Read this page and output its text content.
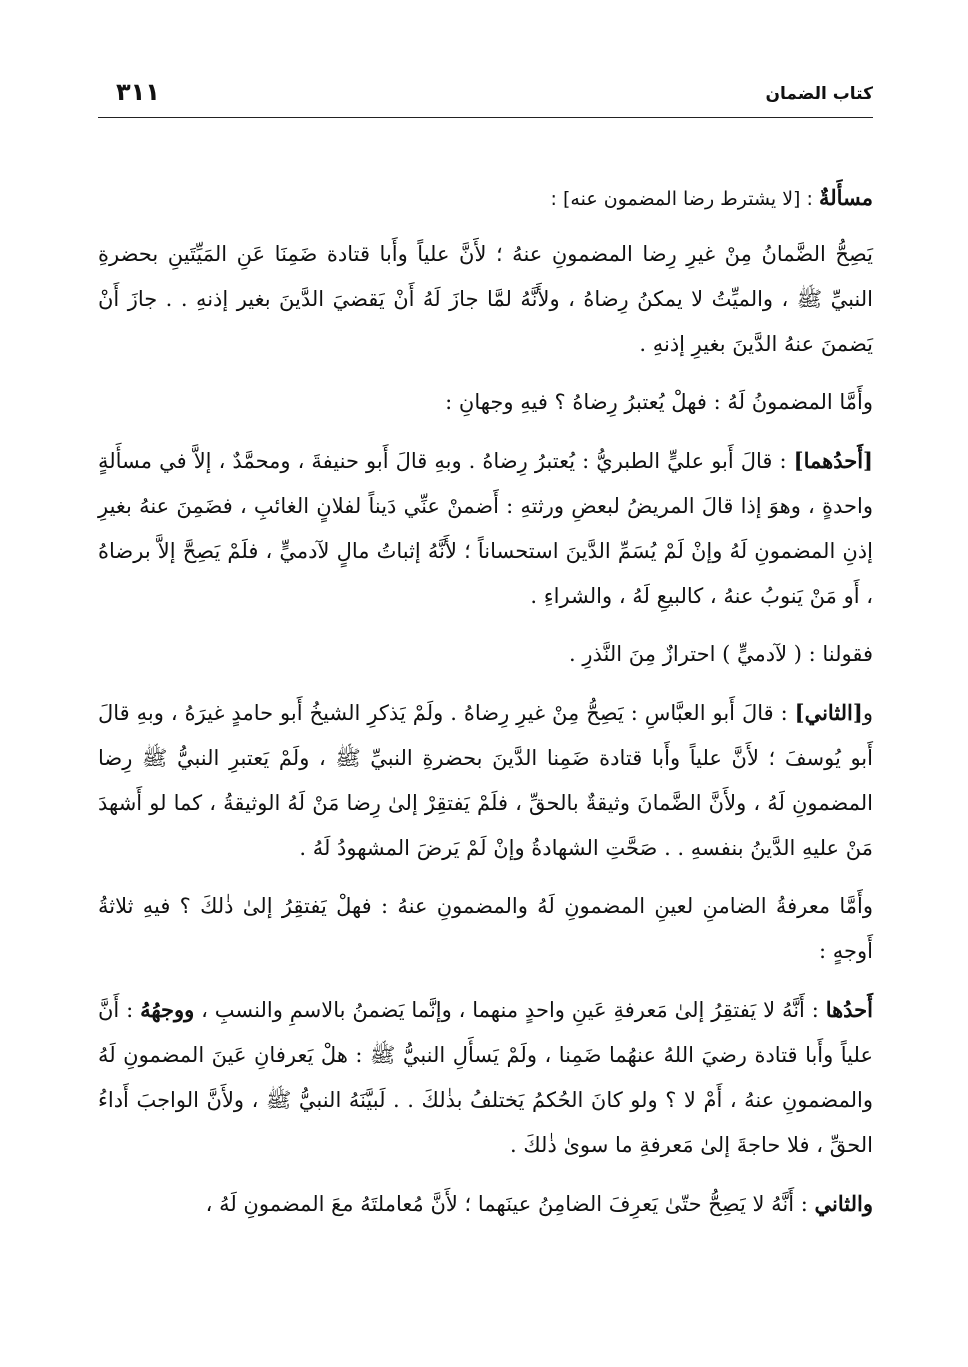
٣١١	كتاب الضمان

مسأَلةٌ : [لا يشترط رضا المضمون عنه] :

يَصِحُّ الضَّمانُ مِنْ غيرِ رِضا المضمونِ عنهُ ؛ لأَنَّ علياً وأَبا قتادة ضَمِنَا عَنِ المَيِّتَينِ بحضرةِ النبيِّ ﷺ ، والميِّتُ لا يمكنُ رِضاهُ ، ولأَنَّهُ لمَّا جازَ لَهُ أَنْ يَقضيَ الدَّينَ بغير إذنهِ . . جازَ أَنْ يَضمنَ عنهُ الدَّينَ بغيرِ إذنهِ .

وأَمَّا المضمونُ لَهُ : فهلْ يُعتبرُ رِضاهُ ؟ فيهِ وجهانِ :

[أَحدُهما] : قالَ أَبو عليٍّ الطبريُّ : يُعتبرُ رِضاهُ . وبهِ قالَ أَبو حنيفةَ ، ومحمَّدٌ ، إلاَّ في مسأَلةٍ واحدةٍ ، وهوَ إذا قالَ المريضُ لبعضِ ورثتهِ : أَضمنْ عنِّي دَيناً لفلانٍ الغائبِ ، فضَمِنَ عنهُ بغيرِ إذنِ المضمونِ لَهُ وإنْ لَمْ يُسَمِّ الدَّينَ استحساناً ؛ لأَنَّهُ إثباتُ مالٍ لآدميٍّ ، فلَمْ يَصِحَّ إلاَّ برضاهُ ، أَو مَنْ يَنوبُ عنهُ ، كالبيعِ لَهُ ، والشراءِ .

فقولنا : ( لآدميٍّ ) احترازٌ مِنَ النَّذرِ .

و[الثاني] : قالَ أَبو العبَّاسِ : يَصِحُّ مِنْ غيرِ رِضاهُ . ولَمْ يَذكرِ الشيخُ أَبو حامدٍ غيرَهُ ، وبهِ قالَ أَبو يُوسفَ ؛ لأَنَّ علياً وأَبا قتادة ضَمِنا الدَّينَ بحضرةِ النبيِّ ﷺ ، ولَمْ يَعتبرِ النبيُّ ﷺ رِضا المضمونِ لَهُ ، ولأَنَّ الضَّمانَ وثيقةٌ بالحقِّ ، فلَمْ يَفتقِرْ إلىٰ رِضا مَنْ لَهُ الوثيقةُ ، كما لو أَشهدَ مَنْ عليهِ الدَّينُ بنفسهِ . . صَحَّتِ الشهادةُ وإنْ لَمْ يَرضَ المشهودُ لَهُ .

وأَمَّا معرفةُ الضامنِ لعينِ المضمونِ لَهُ والمضمونِ عنهُ : فهلْ يَفتقِرُ إلىٰ ذٰلكَ ؟ فيهِ ثلاثةُ أَوجهٍ :

أَحدُها : أَنَّهُ لا يَفتقِرُ إلىٰ مَعرفةِ عَينِ واحدٍ منهما ، وإنَّما يَضمنُ بالاسمِ والنسبِ ، ووجهُهُ : أَنَّ علياً وأَبا قتادة رضيَ اللهُ عنهُما ضَمِنا ، ولَمْ يَسأَلِ النبيُّ ﷺ : هلْ يَعرفانِ عَينَ المضمونِ لَهُ والمضمونِ عنهُ ، أَمْ لا ؟ ولو كانَ الحُكمُ يَختلفُ بذٰلكَ . . لَبيَّنَهُ النبيُّ ﷺ ، ولأَنَّ الواجبَ أَداءُ الحقِّ ، فلا حاجةَ إلىٰ مَعرفةِ ما سوىٰ ذٰلكَ .

والثاني : أَنَّهُ لا يَصِحُّ حتّىٰ يَعرِفَ الضامِنُ عينَهما ؛ لأَنَّ مُعاملتَهُ معَ المضمونِ لَهُ ،
